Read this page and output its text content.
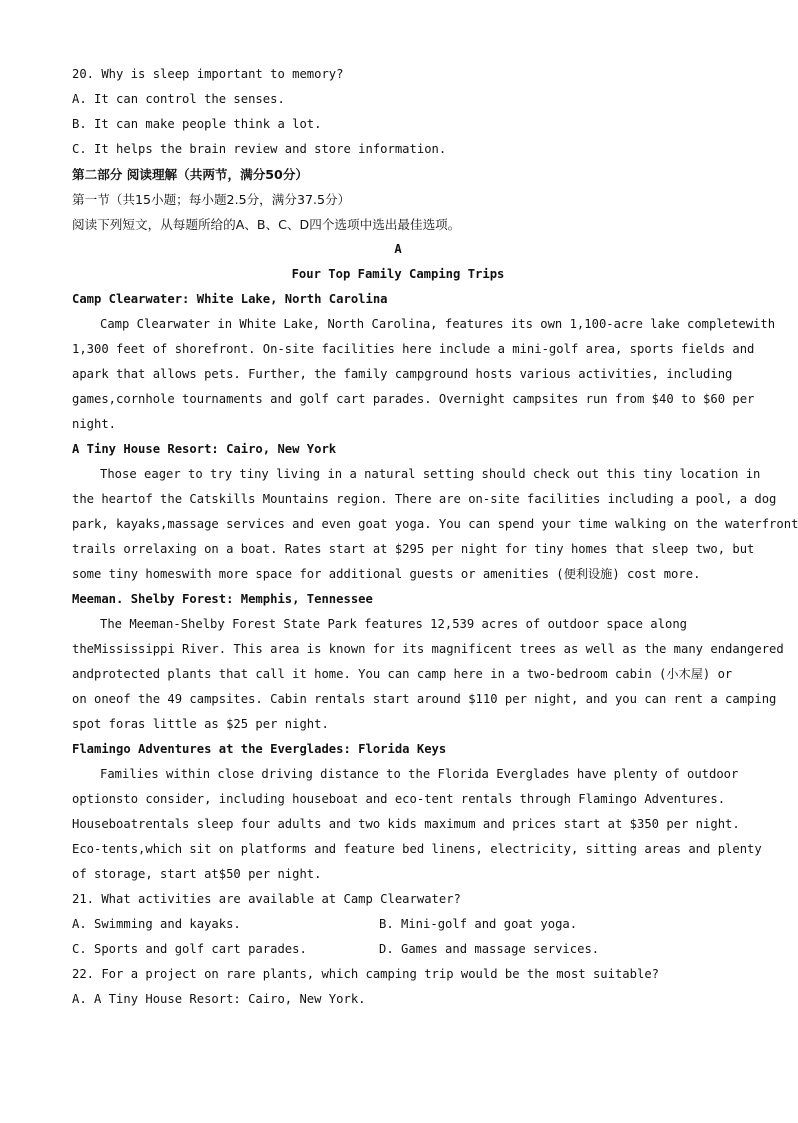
20. Why is sleep important to memory?
A. It can control the senses.
B. It can make people think a lot.
C. It helps the brain review and store information.
第二部分 阅读理解（共两节，满分50分）
第一节（共15小题；每小题2.5分，满分37.5分）
阅读下列短文，从每题所给的A、B、C、D四个选项中选出最佳选项。
A
Four Top Family Camping Trips
Camp Clearwater: White Lake, North Carolina
Camp Clearwater in White Lake, North Carolina, features its own 1,100-acre lake completewith
1,300 feet of shorefront. On-site facilities here include a mini-golf area, sports fields and
apark that allows pets. Further, the family campground hosts various activities, including
games,cornhole tournaments and golf cart parades. Overnight campsites run from $40 to $60 per
night.
A Tiny House Resort: Cairo, New York
Those eager to try tiny living in a natural setting should check out this tiny location in
the heartof the Catskills Mountains region. There are on-site facilities including a pool, a dog
park, kayaks,massage services and even goat yoga. You can spend your time walking on the waterfront
trails orrelaxing on a boat. Rates start at $295 per night for tiny homes that sleep two, but
some tiny homeswith more space for additional guests or amenities (便利设施) cost more.
Meeman. Shelby Forest: Memphis, Tennessee
The Meeman-Shelby Forest State Park features 12,539 acres of outdoor space along
theMississippi River. This area is known for its magnificent trees as well as the many endangered
andprotected plants that call it home. You can camp here in a two-bedroom cabin (小木屋) or
on oneof the 49 campsites. Cabin rentals start around $110 per night, and you can rent a camping
spot foras little as $25 per night.
Flamingo Adventures at the Everglades: Florida Keys
Families within close driving distance to the Florida Everglades have plenty of outdoor
optionsto consider, including houseboat and eco-tent rentals through Flamingo Adventures.
Houseboatrentals sleep four adults and two kids maximum and prices start at $350 per night.
Eco-tents,which sit on platforms and feature bed linens, electricity, sitting areas and plenty
of storage, start at$50 per night.
21. What activities are available at Camp Clearwater?
A. Swimming and kayaks.	B. Mini-golf and goat yoga.
C. Sports and golf cart parades.	D. Games and massage services.
22. For a project on rare plants, which camping trip would be the most suitable?
A. A Tiny House Resort: Cairo, New York.
